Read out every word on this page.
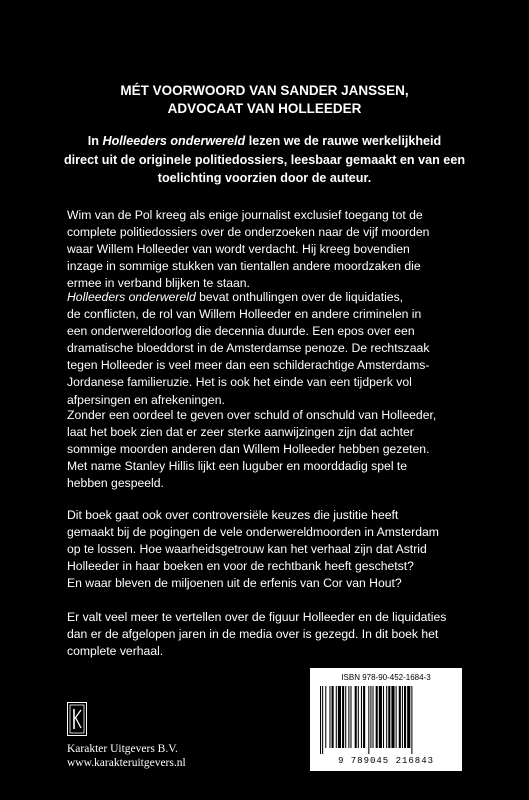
MÉT VOORWOORD VAN SANDER JANSSEN,
ADVOCAAT VAN HOLLEEDER
In Holleeders onderwereld lezen we de rauwe werkelijkheid
direct uit de originele politiedossiers, leesbaar gemaakt en van een
toelichting voorzien door de auteur.
Wim van de Pol kreeg als enige journalist exclusief toegang tot de
complete politiedossiers over de onderzoeken naar de vijf moorden
waar Willem Holleeder van wordt verdacht. Hij kreeg bovendien
inzage in sommige stukken van tientallen andere moordzaken die
ermee in verband blijken te staan.
Holleeders onderwereld bevat onthullingen over de liquidaties,
de conflicten, de rol van Willem Holleeder en andere criminelen in
een onderwereldoorlog die decennia duurde. Een epos over een
dramatische bloeddorst in de Amsterdamse penoze. De rechtszaak
tegen Holleeder is veel meer dan een schilderachtige Amsterdams-
Jordanese familieruzie. Het is ook het einde van een tijdperk vol
afpersingen en afrekeningen.
Zonder een oordeel te geven over schuld of onschuld van Holleeder,
laat het boek zien dat er zeer sterke aanwijzingen zijn dat achter
sommige moorden anderen dan Willem Holleeder hebben gezeten.
Met name Stanley Hillis lijkt een luguber en moorddadig spel te
hebben gespeeld.
Dit boek gaat ook over controversiële keuzes die justitie heeft
gemaakt bij de pogingen de vele onderwereldmoorden in Amsterdam
op te lossen. Hoe waarheidsgetrouw kan het verhaal zijn dat Astrid
Holleeder in haar boeken en voor de rechtbank heeft geschetst?
En waar bleven de miljoenen uit de erfenis van Cor van Hout?
Er valt veel meer te vertellen over de figuur Holleeder en de liquidaties
dan er de afgelopen jaren in de media over is gezegd. In dit boek het
complete verhaal.
Karakter Uitgevers B.V.
www.karakteruitgevers.nl
ISBN 978-90-452-1684-3
9 789045 216843
